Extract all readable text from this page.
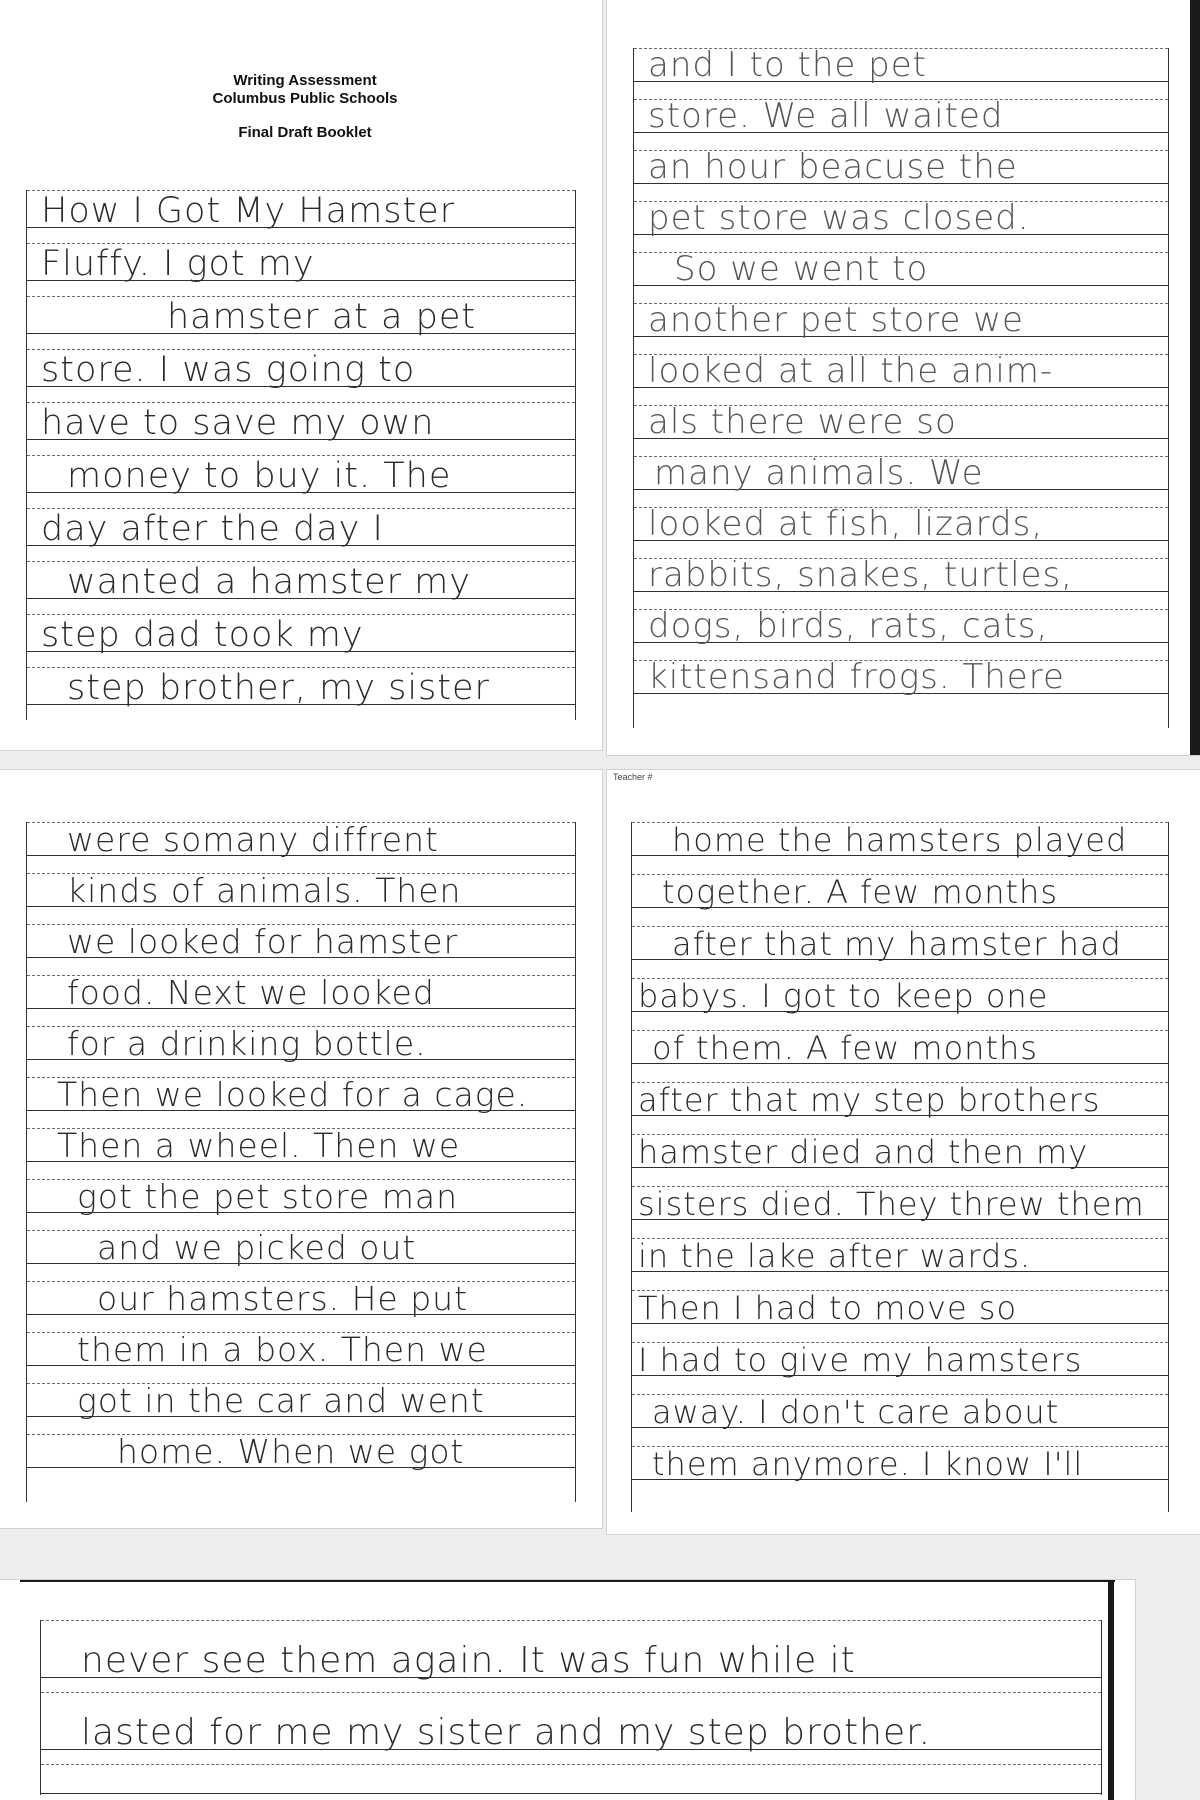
Writing Assessment
Columbus Public Schools
Final Draft Booklet
How I Got My Hamster
Fluffy. I got my
hamster at a pet
store. I was going to
have to save my own
money to buy it. The
day after the day I
wanted a hamster my
step dad took my
step brother, my sister
and I to the pet
store. We all waited
an hour beacuse the
pet store was closed.
So we went to
another pet store we
looked at all the anim-
als there were so
many animals. We
looked at fish, lizards,
rabbits, snakes, turtles,
dogs, birds, rats, cats,
kittensand frogs. There
were somany diffrent
kinds of animals. Then
we looked for hamster
food. Next we looked
for a drinking bottle.
Then we looked for a cage.
Then a wheel. Then we
got the pet store man
and we picked out
our hamsters. He put
them in a box. Then we
got in the car and went
home. When we got
Teacher #
home the hamsters played
together. A few months
after that my hamster had
babys. I got to keep one
of them. A few months
after that my step brothers
hamster died and then my
sisters died. They threw them
in the lake after wards.
Then I had to move so
I had to give my hamsters
away. I don't care about
them anymore. I know I'll
never see them again. It was fun while it
lasted for me my sister and my step brother.
